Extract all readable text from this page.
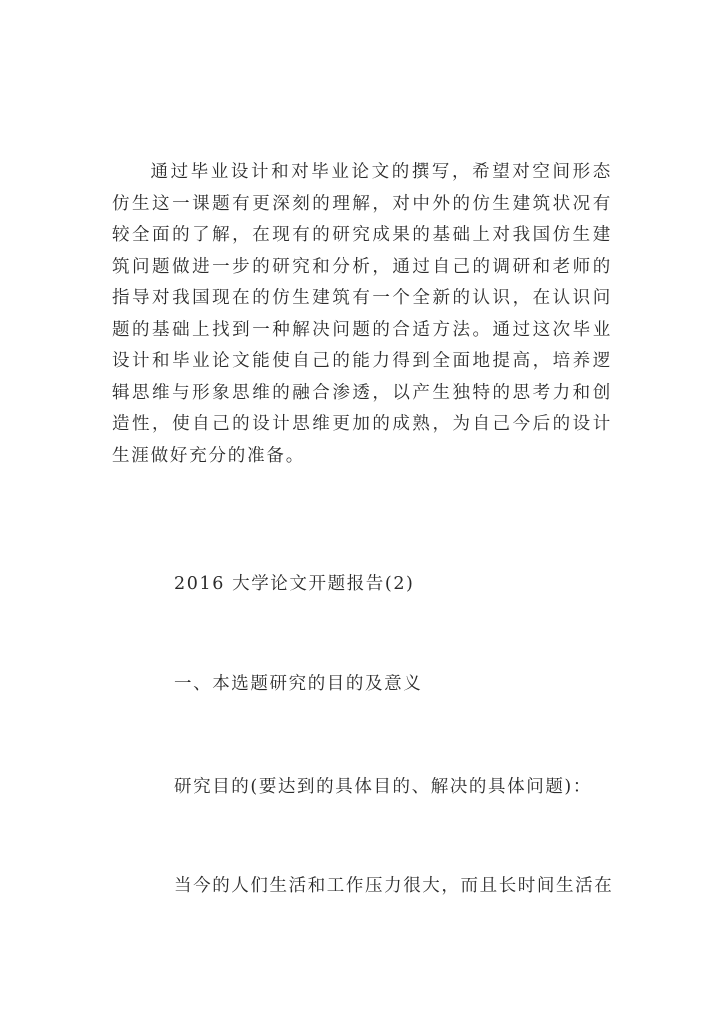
通过毕业设计和对毕业论文的撰写，希望对空间形态仿生这一课题有更深刻的理解，对中外的仿生建筑状况有较全面的了解，在现有的研究成果的基础上对我国仿生建筑问题做进一步的研究和分析，通过自己的调研和老师的指导对我国现在的仿生建筑有一个全新的认识，在认识问题的基础上找到一种解决问题的合适方法。通过这次毕业设计和毕业论文能使自己的能力得到全面地提高，培养逻辑思维与形象思维的融合渗透，以产生独特的思考力和创造性，使自己的设计思维更加的成熟，为自己今后的设计生涯做好充分的准备。

2016 大学论文开题报告(2)

一、本选题研究的目的及意义

研究目的(要达到的具体目的、解决的具体问题)：

当今的人们生活和工作压力很大，而且长时间生活在
